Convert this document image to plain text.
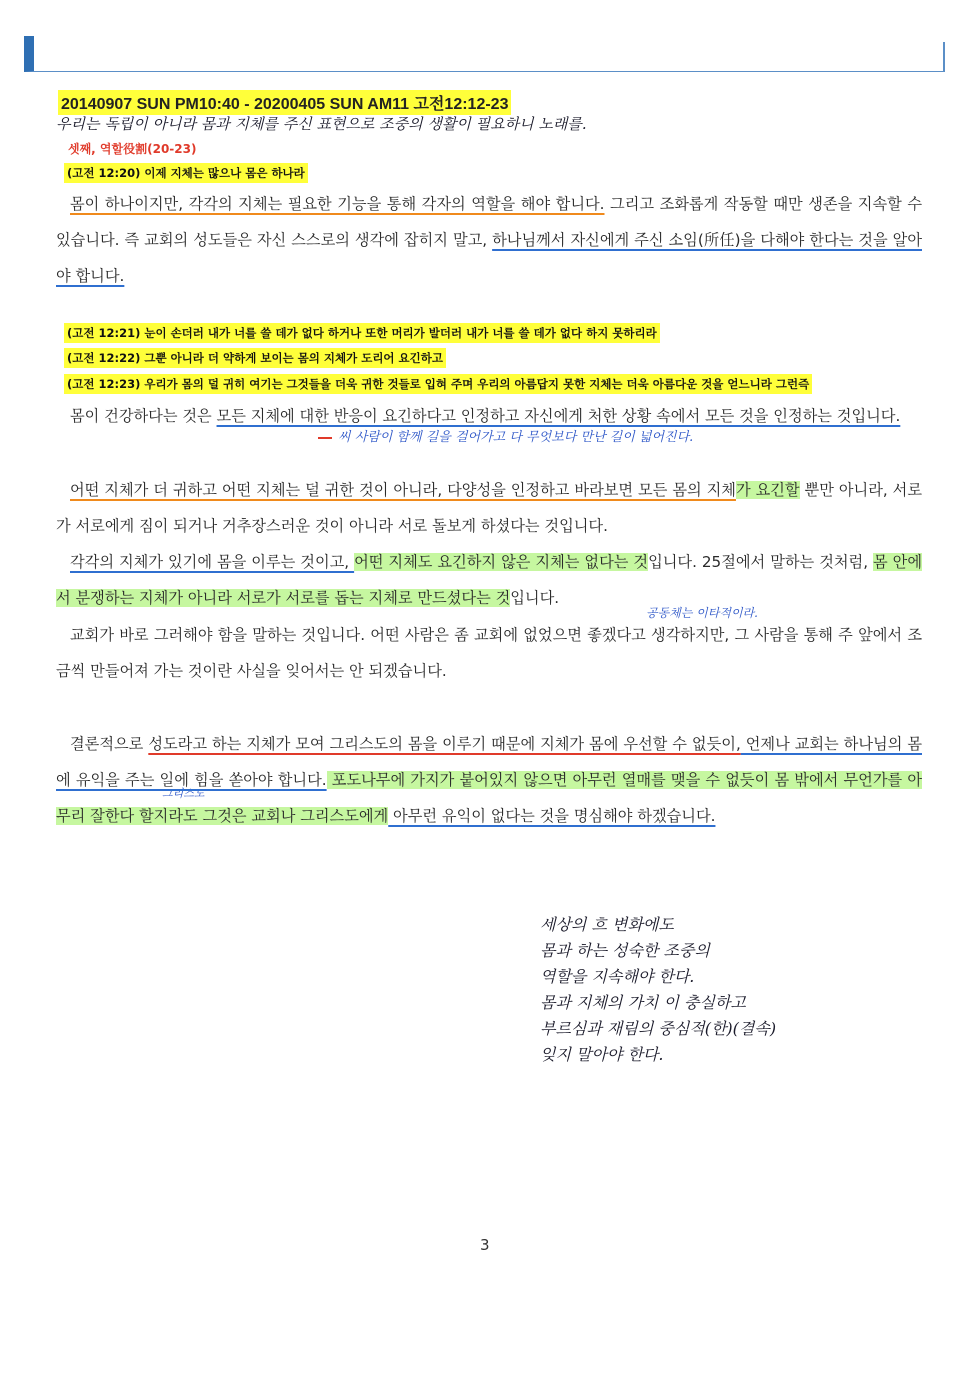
20140907 SUN PM10:40 - 20200405 SUN AM11 고전12:12-23
우리는 독립이 아니라 몸과 지체를 주신 표현으로 조중의 생활이 필요하니 노래를.
셋째, 역할役割(20-23)
(고전 12:20) 이제 지체는 많으나 몸은 하나라
몸이 하나이지만, 각각의 지체는 필요한 기능을 통해 각자의 역할을 해야 합니다. 그리고 조화롭게 작동할 때만 생존을 지속할 수 있습니다. 즉 교회의 성도들은 자신 스스로의 생각에 잡히지 말고, 하나님께서 자신에게 주신 소임(所任)을 다해야 한다는 것을 알아야 합니다.
(고전 12:21) 눈이 손더러 내가 너를 쓸 데가 없다 하거나 또한 머리가 발더러 내가 너를 쓸 데가 없다 하지 못하리라
(고전 12:22) 그뿐 아니라 더 약하게 보이는 몸의 지체가 도리어 요긴하고
(고전 12:23) 우리가 몸의 덜 귀히 여기는 그것들을 더욱 귀한 것들로 입혀 주며 우리의 아름답지 못한 지체는 더욱 아름다운 것을 얻느니라 그런즉
몸이 건강하다는 것은 모든 지체에 대한 반응이 요긴하다고 인정하고 자신에게 처한 상황 속에서 모든 것을 인정하는 것입니다.
씨 사람이 함께 길을 걸어가고 다 무엇보다 만난 길이 넓어진다.
어떤 지체가 더 귀하고 어떤 지체는 덜 귀한 것이 아니라, 다양성을 인정하고 바라보면 모든 몸의 지체가 요긴할 뿐만 아니라, 서로가 서로에게 짐이 되거나 거추장스러운 것이 아니라 서로 돌보게 하셨다는 것입니다.
각각의 지체가 있기에 몸을 이루는 것이고, 어떤 지체도 요긴하지 않은 지체는 없다는 것입니다. 25절에서 말하는 것처럼, 몸 안에서 분쟁하는 지체가 아니라 서로가 서로를 돕는 지체로 만드셨다는 것입니다.
공동체는 이타적이라.
교회가 바로 그러해야 함을 말하는 것입니다. 어떤 사람은 좀 교회에 없었으면 좋겠다고 생각하지만, 그 사람을 통해 주 앞에서 조금씩 만들어져 가는 것이란 사실을 잊어서는 안 되겠습니다.
그리스도
결론적으로 성도라고 하는 지체가 모여 그리스도의 몸을 이루기 때문에 지체가 몸에 우선할 수 없듯이, 언제나 교회는 하나님의 몸에 유익을 주는 일에 힘을 쏟아야 합니다. 포도나무에 가지가 붙어있지 않으면 아무런 열매를 맺을 수 없듯이 몸 밖에서 무언가를 아무리 잘한다 할지라도 그것은 교회나 그리스도에게 아무런 유익이 없다는 것을 명심해야 하겠습니다.
세상의 흐 변화에도
몸과 하는 성숙한 조중의
역할을 지속해야 한다.
몸과 지체의 가치 이 충실하고
부르심과 재림의 중심적(한)(결속)
잊지 말아야 한다.
3
